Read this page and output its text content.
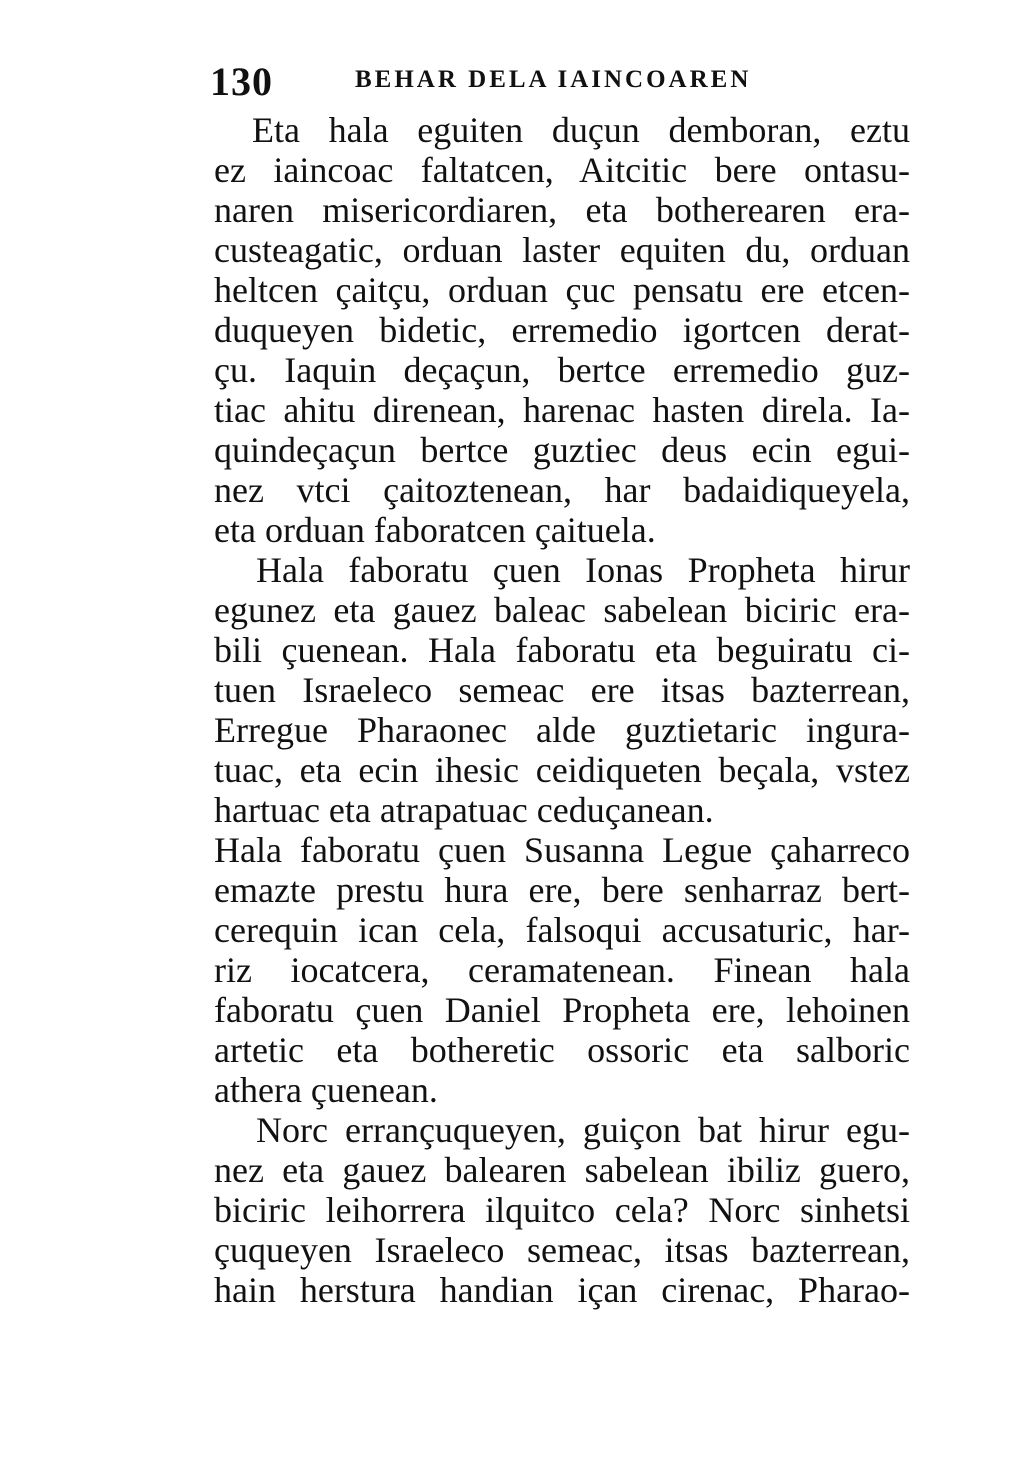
130	BEHAR DELA IAINCOAREN
Eta hala eguiten duçun demboran, eztu
ez iaincoac faltatcen, Aitcitic bere ontasu-
naren misericordiaren, eta botherearen era-
custeagatic, orduan laster equiten du, orduan
heltcen çaitçu, orduan çuc pensatu ere etcen-
duqueyen bidetic, erremedio igortcen derat-
çu. Iaquin deçaçun, bertce erremedio guz-
tiac ahitu direnean, harenac hasten direla. Ia-
quindeçaçun bertce guztiec deus ecin egui-
nez vtci çaitoztenean, har badaidiqueyela,
eta orduan faboratcen çaituela.
Hala faboratu çuen Ionas Propheta hirur
egunez eta gauez baleac sabelean biciric era-
bili çuenean. Hala faboratu eta beguiratu ci-
tuen Israeleco semeac ere itsas bazterrean,
Erregue Pharaonec alde guztietaric ingura-
tuac, eta ecin ihesic ceidiqueten beçala, vstez
hartuac eta atrapatuac ceduçanean.
Hala faboratu çuen Susanna Legue çaharreco
emazte prestu hura ere, bere senharraz bert-
cerequin ican cela, falsoqui accusaturic, har-
riz iocatcera, ceramatenean. Finean hala
faboratu çuen Daniel Propheta ere, lehoinen
artetic eta botheretic ossoric eta salboric
athera çuenean.
Norc errançuqueyen, guiçon bat hirur egu-
nez eta gauez balearen sabelean ibiliz guero,
biciric leihorrera ilquitco cela? Norc sinhetsi
çuqueyen Israeleco semeac, itsas bazterrean,
hain herstura handian içan cirenac, Pharao-
